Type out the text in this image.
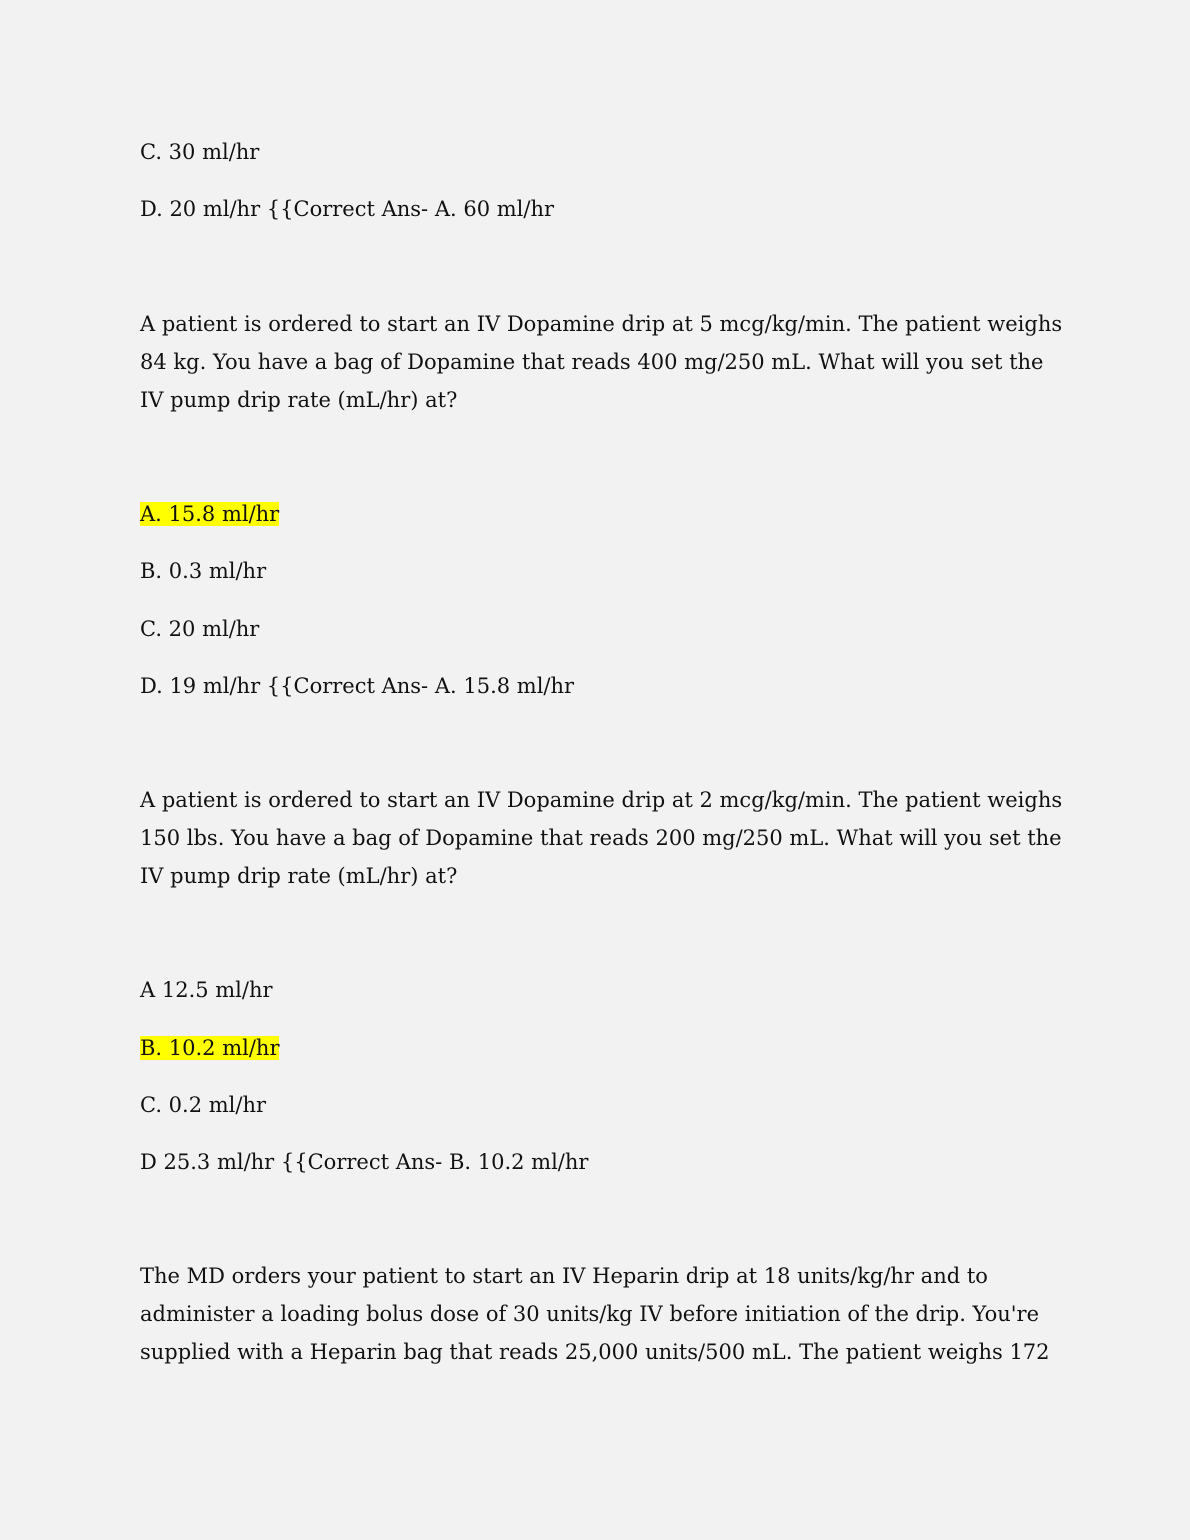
C. 30 ml/hr
D. 20 ml/hr {{Correct Ans- A. 60 ml/hr
A patient is ordered to start an IV Dopamine drip at 5 mcg/kg/min. The patient weighs
84 kg. You have a bag of Dopamine that reads 400 mg/250 mL. What will you set the
IV pump drip rate (mL/hr) at?
A. 15.8 ml/hr
B. 0.3 ml/hr
C. 20 ml/hr
D. 19 ml/hr {{Correct Ans- A. 15.8 ml/hr
A patient is ordered to start an IV Dopamine drip at 2 mcg/kg/min. The patient weighs
150 lbs. You have a bag of Dopamine that reads 200 mg/250 mL. What will you set the
IV pump drip rate (mL/hr) at?
A 12.5 ml/hr
B. 10.2 ml/hr
C. 0.2 ml/hr
D 25.3 ml/hr {{Correct Ans- B. 10.2 ml/hr
The MD orders your patient to start an IV Heparin drip at 18 units/kg/hr and to
administer a loading bolus dose of 30 units/kg IV before initiation of the drip. You're
supplied with a Heparin bag that reads 25,000 units/500 mL. The patient weighs 172
